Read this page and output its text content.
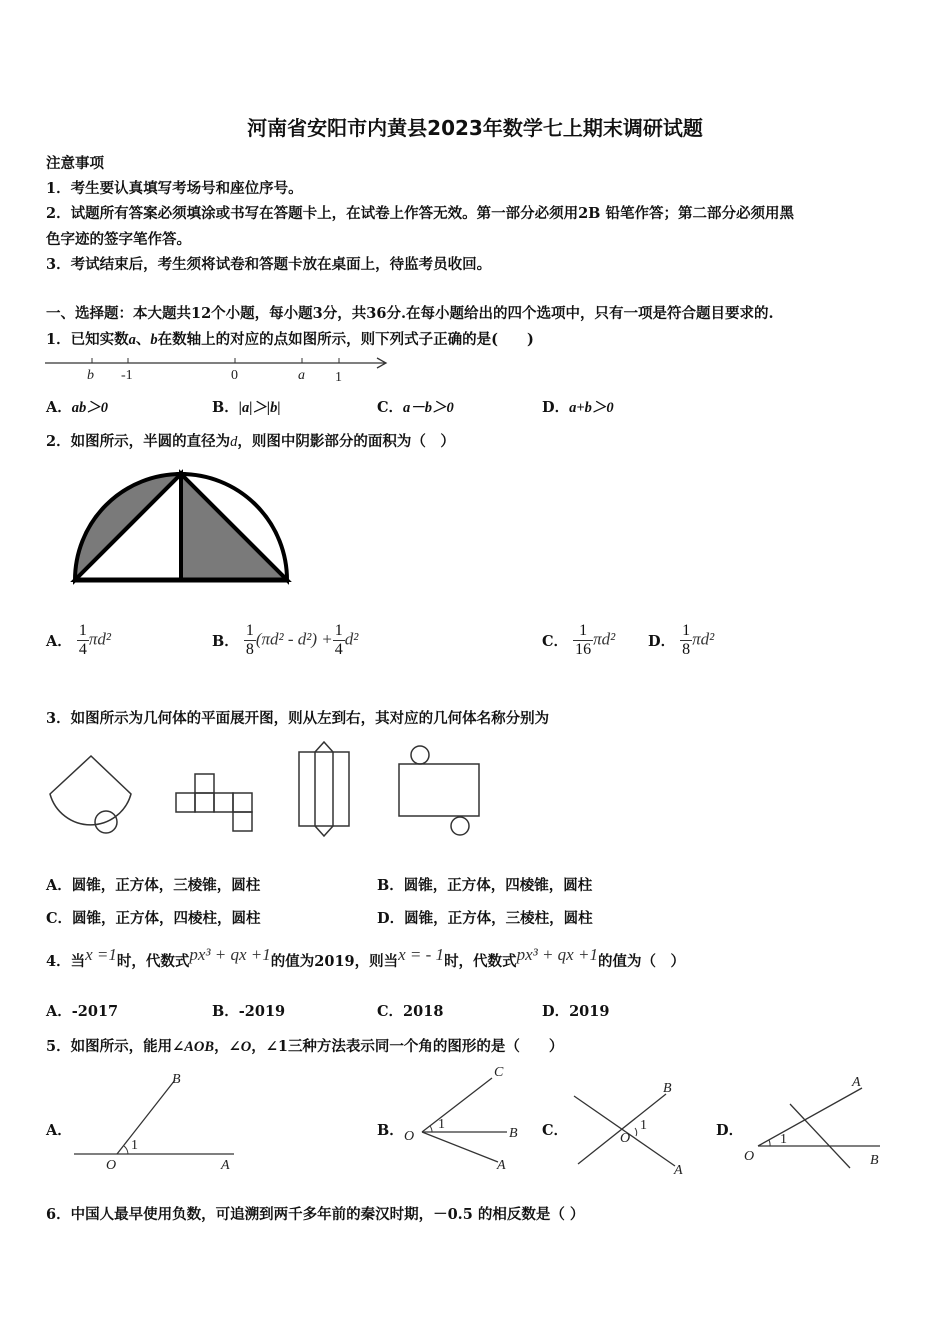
河南省安阳市内黄县2023年数学七上期末调研试题
注意事项
1．考生要认真填写考场号和座位序号。
2．试题所有答案必须填涂或书写在答题卡上，在试卷上作答无效。第一部分必须用2B 铅笔作答；第二部分必须用黑
色字迹的签字笔作答。
3．考试结束后，考生须将试卷和答题卡放在桌面上，待监考员收回。
一、选择题：本大题共12个小题，每小题3分，共36分.在每小题给出的四个选项中，只有一项是符合题目要求的.
1．已知实数a、b在数轴上的对应的点如图所示，则下列式子正确的是(　　)
b -1	0	a 1
A．ab＞0	B．|a|＞|b|	C．a－b＞0	D．a+b＞0
2．如图所示，半圆的直径为d，则图中阴影部分的面积为（　）
A． $\frac{1}{4} \pi d^2$	B． $\frac{1}{8} (\pi d^2 - d^2) + \frac{1}{4} d^2$	C． $\frac{1}{16} \pi d^2$ D． $\frac{1}{8} \pi d^2$
3．如图所示为几何体的平面展开图，则从左到右，其对应的几何体名称分别为
A．圆锥，正方体，三棱锥，圆柱	B．圆锥，正方体，四棱锥，圆柱
C．圆锥，正方体，四棱柱，圆柱	D．圆锥，正方体，三棱柱，圆柱
4．当x =1时，代数式px³ + qx +1的值为2019，则当x = - 1时，代数式px³ + qx +1的值为（　）
A．-2017	B．-2019	C．2018	D．2019
5．如图所示，能用∠AOB，∠O，∠1三种方法表示同一个角的图形的是（　　）
A．
O	A
B
1
B． O	B
C
A
1	C．	O
B
A
1	D．
O	B
A
1
6．中国人最早使用负数，可追溯到两千多年前的秦汉时期，－0.5 的相反数是（ ）
